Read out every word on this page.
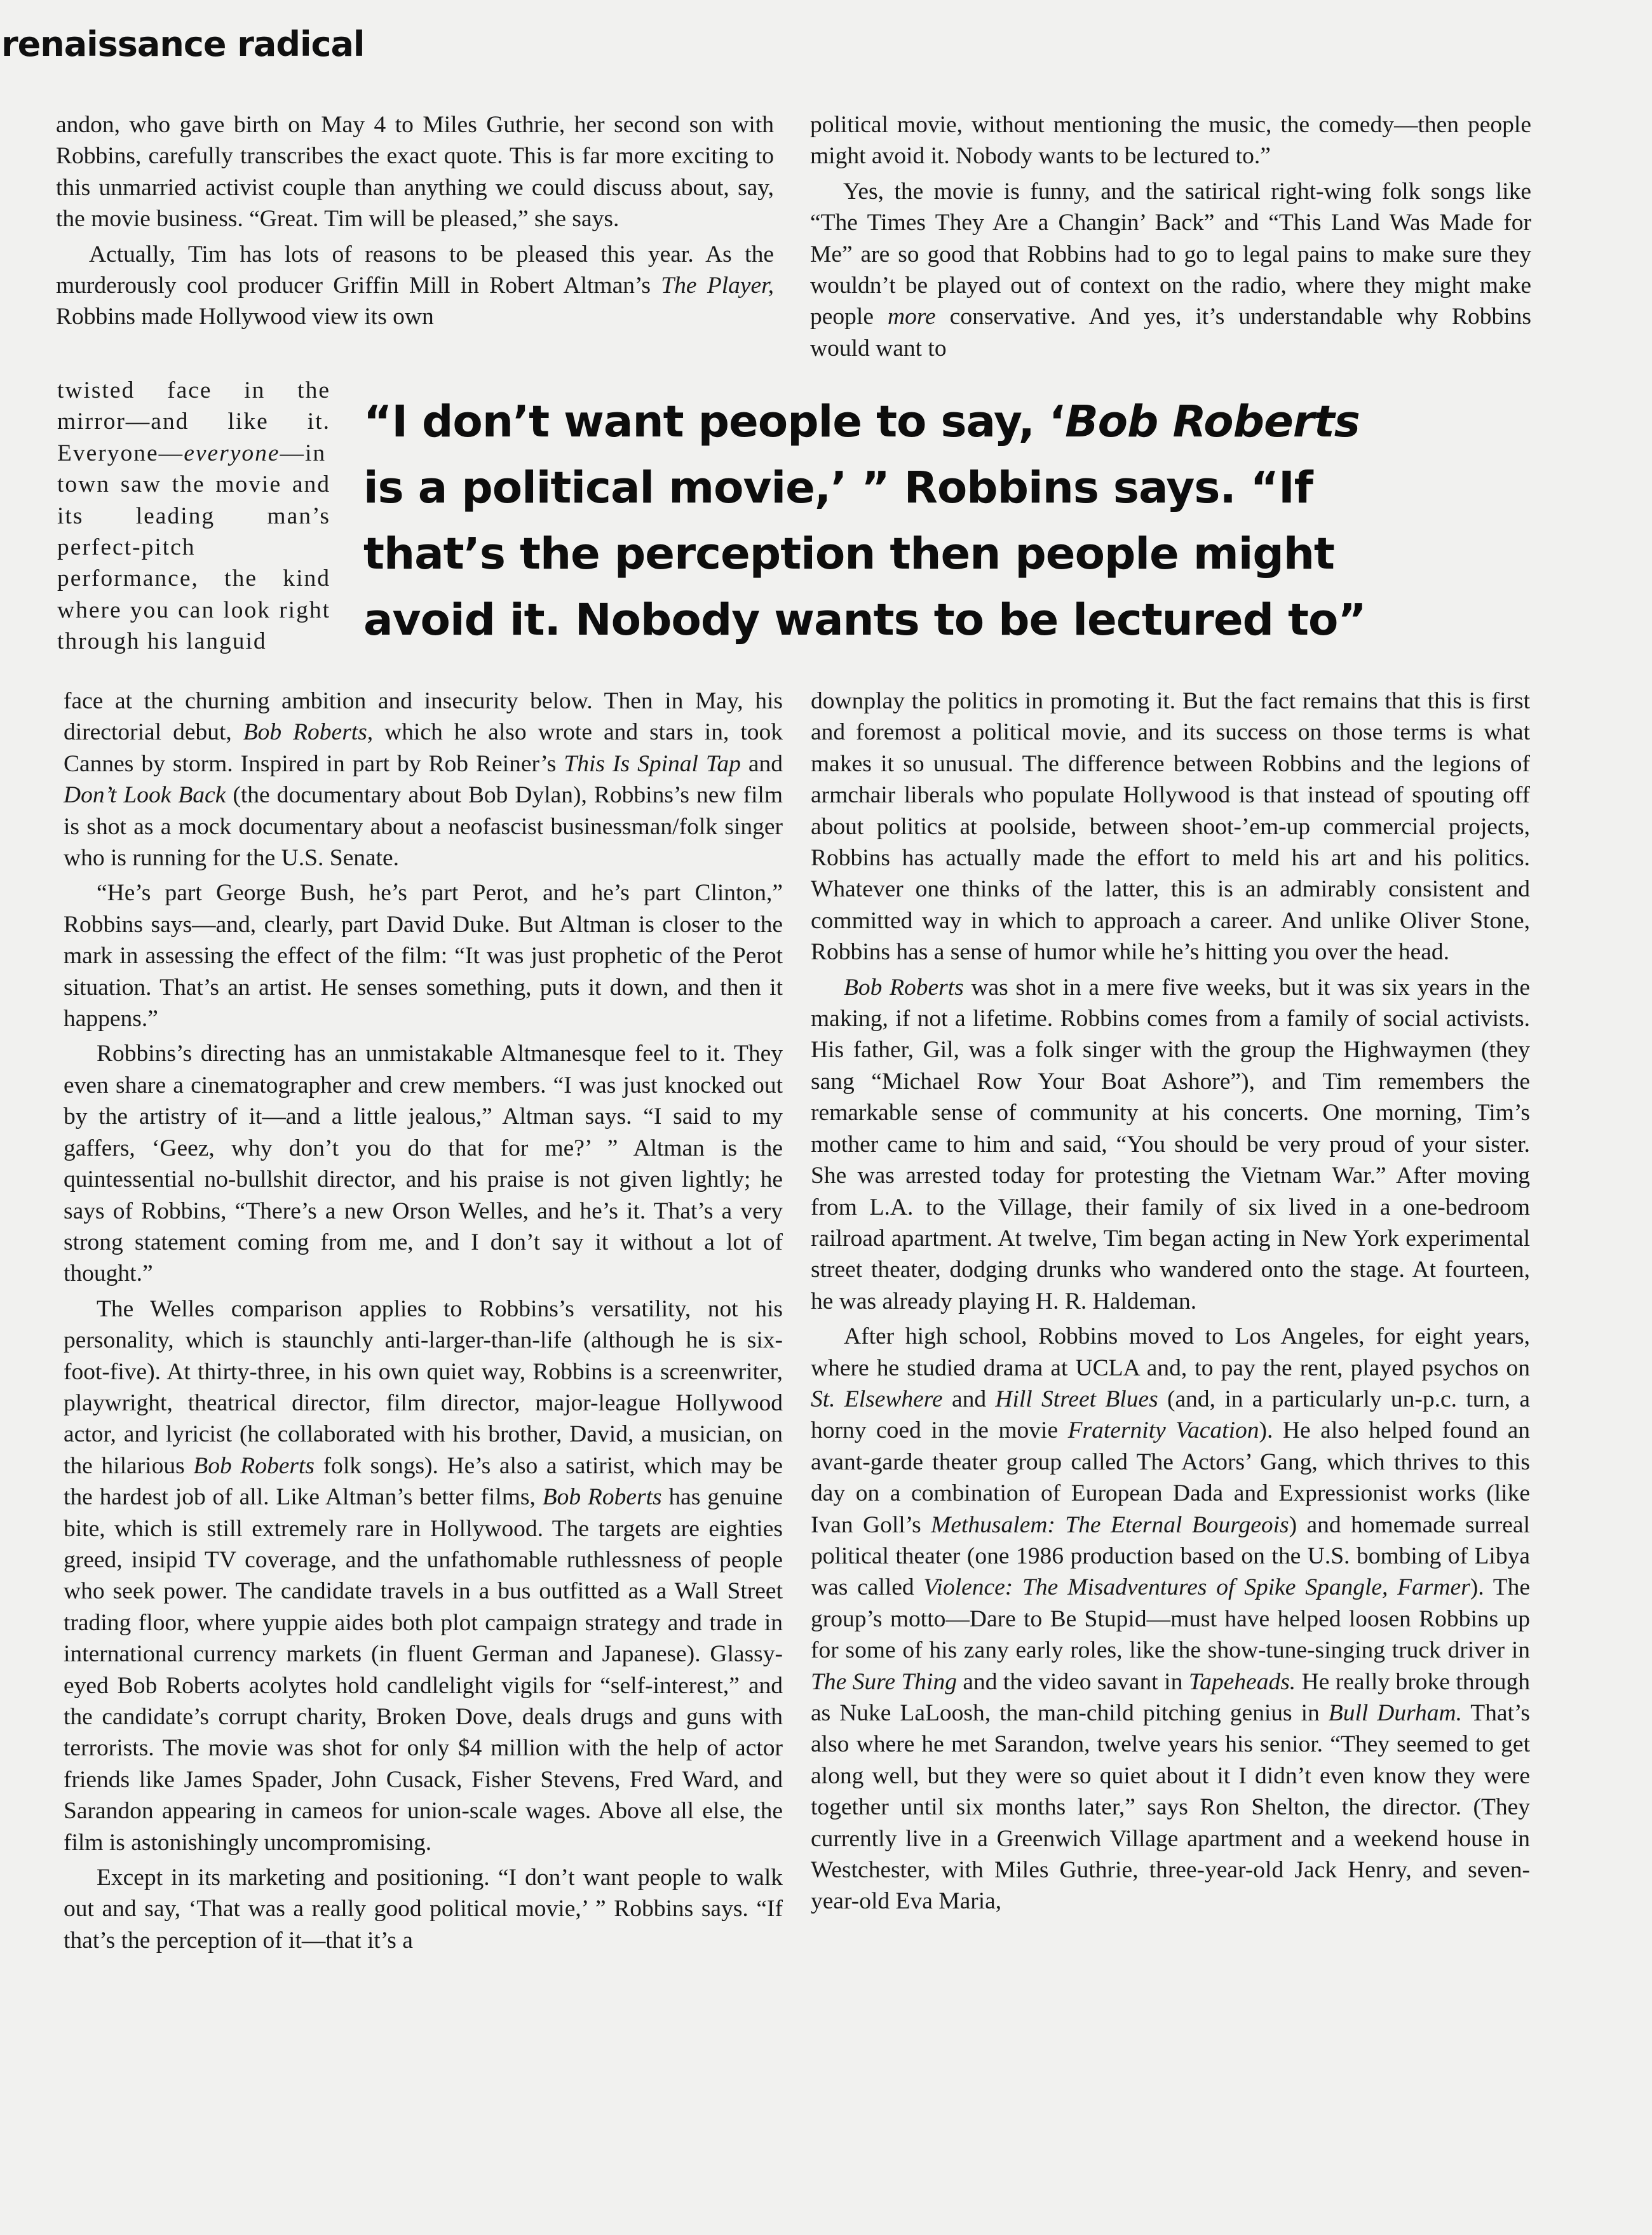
renaissance radical

andon, who gave birth on May 4 to Miles Guthrie, her second son with Robbins, carefully transcribes the exact quote. This is far more exciting to this unmarried activist couple than anything we could discuss about, say, the movie business. “Great. Tim will be pleased,” she says.

Actually, Tim has lots of reasons to be pleased this year. As the murderously cool producer Griffin Mill in Robert Altman’s The Player, Robbins made Hollywood view its own

political movie, without mentioning the music, the comedy—then people might avoid it. Nobody wants to be lectured to.”

Yes, the movie is funny, and the satirical right-wing folk songs like “The Times They Are a Changin’ Back” and “This Land Was Made for Me” are so good that Robbins had to go to legal pains to make sure they wouldn’t be played out of context on the radio, where they might make people more conservative. And yes, it’s understandable why Robbins would want to

twisted face in the mirror—and like it. Everyone—everyone—in town saw the movie and its leading man’s perfect-pitch performance, the kind where you can look right through his languid

“I don’t want people to say, ‘Bob Roberts
is a political movie,’ ” Robbins says. “If
that’s the perception then people might
avoid it. Nobody wants to be lectured to”

face at the churning ambition and insecurity below. Then in May, his directorial debut, Bob Roberts, which he also wrote and stars in, took Cannes by storm. Inspired in part by Rob Reiner’s This Is Spinal Tap and Don’t Look Back (the documentary about Bob Dylan), Robbins’s new film is shot as a mock documentary about a neofascist businessman/folk singer who is running for the U.S. Senate.

“He’s part George Bush, he’s part Perot, and he’s part Clinton,” Robbins says—and, clearly, part David Duke. But Altman is closer to the mark in assessing the effect of the film: “It was just prophetic of the Perot situation. That’s an artist. He senses something, puts it down, and then it happens.”

Robbins’s directing has an unmistakable Altmanesque feel to it. They even share a cinematographer and crew members. “I was just knocked out by the artistry of it—and a little jealous,” Altman says. “I said to my gaffers, ‘Geez, why don’t you do that for me?’ ” Altman is the quintessential no-bullshit director, and his praise is not given lightly; he says of Robbins, “There’s a new Orson Welles, and he’s it. That’s a very strong statement coming from me, and I don’t say it without a lot of thought.”

The Welles comparison applies to Robbins’s versatility, not his personality, which is staunchly anti-larger-than-life (although he is six-foot-five). At thirty-three, in his own quiet way, Robbins is a screenwriter, playwright, theatrical director, film director, major-league Hollywood actor, and lyricist (he collaborated with his brother, David, a musician, on the hilarious Bob Roberts folk songs). He’s also a satirist, which may be the hardest job of all. Like Altman’s better films, Bob Roberts has genuine bite, which is still extremely rare in Hollywood. The targets are eighties greed, insipid TV coverage, and the unfathomable ruthlessness of people who seek power. The candidate travels in a bus outfitted as a Wall Street trading floor, where yuppie aides both plot campaign strategy and trade in international currency markets (in fluent German and Japanese). Glassy-eyed Bob Roberts acolytes hold candlelight vigils for “self-interest,” and the candidate’s corrupt charity, Broken Dove, deals drugs and guns with terrorists. The movie was shot for only $4 million with the help of actor friends like James Spader, John Cusack, Fisher Stevens, Fred Ward, and Sarandon appearing in cameos for union-scale wages. Above all else, the film is astonishingly uncompromising.

Except in its marketing and positioning. “I don’t want people to walk out and say, ‘That was a really good political movie,’ ” Robbins says. “If that’s the perception of it—that it’s a

downplay the politics in promoting it. But the fact remains that this is first and foremost a political movie, and its success on those terms is what makes it so unusual. The difference between Robbins and the legions of armchair liberals who populate Hollywood is that instead of spouting off about politics at poolside, between shoot-’em-up commercial projects, Robbins has actually made the effort to meld his art and his politics. Whatever one thinks of the latter, this is an admirably consistent and committed way in which to approach a career. And unlike Oliver Stone, Robbins has a sense of humor while he’s hitting you over the head.

Bob Roberts was shot in a mere five weeks, but it was six years in the making, if not a lifetime. Robbins comes from a family of social activists. His father, Gil, was a folk singer with the group the Highwaymen (they sang “Michael Row Your Boat Ashore”), and Tim remembers the remarkable sense of community at his concerts. One morning, Tim’s mother came to him and said, “You should be very proud of your sister. She was arrested today for protesting the Vietnam War.” After moving from L.A. to the Village, their family of six lived in a one-bedroom railroad apartment. At twelve, Tim began acting in New York experimental street theater, dodging drunks who wandered onto the stage. At fourteen, he was already playing H. R. Haldeman.

After high school, Robbins moved to Los Angeles, for eight years, where he studied drama at UCLA and, to pay the rent, played psychos on St. Elsewhere and Hill Street Blues (and, in a particularly un-p.c. turn, a horny coed in the movie Fraternity Vacation). He also helped found an avant-garde theater group called The Actors’ Gang, which thrives to this day on a combination of European Dada and Expressionist works (like Ivan Goll’s Methusalem: The Eternal Bourgeois) and homemade surreal political theater (one 1986 production based on the U.S. bombing of Libya was called Violence: The Misadventures of Spike Spangle, Farmer). The group’s motto—Dare to Be Stupid—must have helped loosen Robbins up for some of his zany early roles, like the show-tune-singing truck driver in The Sure Thing and the video savant in Tapeheads. He really broke through as Nuke LaLoosh, the man-child pitching genius in Bull Durham. That’s also where he met Sarandon, twelve years his senior. “They seemed to get along well, but they were so quiet about it I didn’t even know they were together until six months later,” says Ron Shelton, the director. (They currently live in a Greenwich Village apartment and a weekend house in Westchester, with Miles Guthrie, three-year-old Jack Henry, and seven-year-old Eva Maria,
